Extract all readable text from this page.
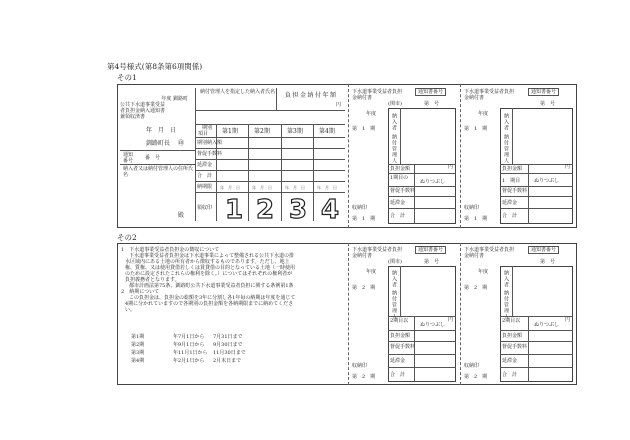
第4号様式(第8条第6項関係)
その1
年度 釧路町
公共下水道事業受益
者負担金納入通知書
兼領収済書
納付管理人を指定した納入者氏名 負担金納付年額
円
年　月　日
釧路町長 ㊞
通知番号	番　号
納入者又は納付管理人の住所氏名
殿
期別
項目 第1期	第2期	第3期	第4期
期別納入額
督促手数料
延滞金
合　計
納期限 年　月　日	年　月　日	年　月　日	年　月　日
領収印 1 2 3 4
下水道事業受益者負担
金納付書
通知書番号
(関市)	第　号
年度
第　1　期	納入者
納付管理人
負担金額	円
1期目の
ぬりつぶし
督促手数料
収納印
延滞金
合　計
第　1　期
下水道事業受益者負担
金納付書
通知書番号
第　号
年度
第　1　期	納入者
納付管理人
負担金額	円
1　期目	ぬりつぶし
督促手数料
収納印
延滞金
合　計
第　1　期
その2
1　 下水道事業受益者負担金の徴収について
下水道事業受益者負担金は下水道事業によって整備される公共下水道の排
水区域内にある土地の所有者から徴収するものであります。ただし、地上
権、質権、又は使用貸借若しくは賃貸借の目的となっている土地（一時使用
のために設定されたこれらの権利を除く。）についてはそれぞれの権利者が
負担義務者となります。
都市計画法第75条、釧路町公共下水道事業受益者負担に関する条例第1条
2　 納期について
この負担金は、負担金の総額を3年に分割し各1年毎の納期は年度を通じて
4期に分かれていますので各期別の負担金額を各納期限までに納めてくださ
い。
第1期	年7月1日から 7月31日まで
第2期	年9月1日から 9月30日まで
第3期	年11月1日から 11月30日まで
第4期	年2月1日から 2月末日まで
下水道事業受益者負担
金納付書
通知書番号
(関市)	第　号
年度
第　2　期	納入者
納付管理人
2期目以
ぬりつぶし
円
負担金額
督促手数料
収納印
延滞金
合　計
第　2　期
下水道事業受益者負担
金納付書
通知書番号
第　号
年度
第　2　期	納入者
納付管理人
2期目以
ぬりつぶし
円
負担金額
督促手数料
収納印
延滞金
合　計
第　2　期
